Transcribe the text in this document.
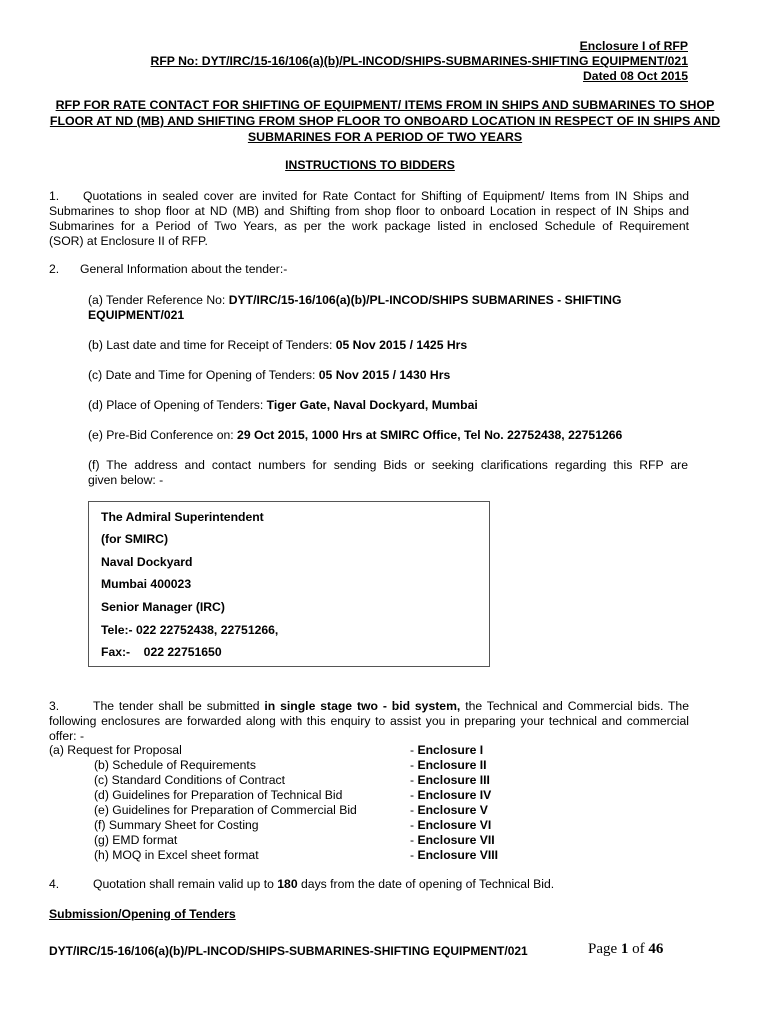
Enclosure I of RFP
RFP No: DYT/IRC/15-16/106(a)(b)/PL-INCOD/SHIPS-SUBMARINES-SHIFTING EQUIPMENT/021
Dated 08 Oct 2015
RFP FOR RATE CONTACT FOR SHIFTING OF EQUIPMENT/ ITEMS FROM IN SHIPS AND SUBMARINES TO SHOP
FLOOR AT ND (MB) AND SHIFTING FROM SHOP FLOOR TO ONBOARD LOCATION IN RESPECT OF IN SHIPS AND
SUBMARINES FOR A PERIOD OF TWO YEARS
INSTRUCTIONS TO BIDDERS
1. Quotations in sealed cover are invited for Rate Contact for Shifting of Equipment/ Items from IN Ships and
Submarines to shop floor at ND (MB) and Shifting from shop floor to onboard Location in respect of IN Ships and
Submarines for a Period of Two Years, as per the work package listed in enclosed Schedule of Requirement
(SOR) at Enclosure II of RFP.
2. General Information about the tender:-
(a) Tender Reference No: DYT/IRC/15-16/106(a)(b)/PL-INCOD/SHIPS SUBMARINES - SHIFTING
EQUIPMENT/021
(b) Last date and time for Receipt of Tenders: 05 Nov 2015 / 1425 Hrs
(c) Date and Time for Opening of Tenders: 05 Nov 2015 / 1430 Hrs
(d) Place of Opening of Tenders: Tiger Gate, Naval Dockyard, Mumbai
(e) Pre-Bid Conference on: 29 Oct 2015, 1000 Hrs at SMIRC Office, Tel No. 22752438, 22751266
(f) The address and contact numbers for sending Bids or seeking clarifications regarding this RFP are
given below: -
The Admiral Superintendent
(for SMIRC)
Naval Dockyard
Mumbai 400023
Senior Manager (IRC)
Tele:- 022 22752438, 22751266,
Fax:-    022 22751650
3.	The tender shall be submitted in single stage two - bid system, the Technical and Commercial bids. The
following enclosures are forwarded along with this enquiry to assist you in preparing your technical and commercial
offer: -
(a) Request for Proposal	- Enclosure I
(b) Schedule of Requirements	- Enclosure II
(c) Standard Conditions of Contract	- Enclosure III
(d) Guidelines for Preparation of Technical Bid	- Enclosure IV
(e) Guidelines for Preparation of Commercial Bid	- Enclosure V
(f) Summary Sheet for Costing	- Enclosure VI
(g) EMD format	- Enclosure VII
(h) MOQ in Excel sheet format	- Enclosure VIII
4.	Quotation shall remain valid up to 180 days from the date of opening of Technical Bid.
Submission/Opening of Tenders
DYT/IRC/15-16/106(a)(b)/PL-INCOD/SHIPS-SUBMARINES-SHIFTING EQUIPMENT/021	Page 1 of 46
